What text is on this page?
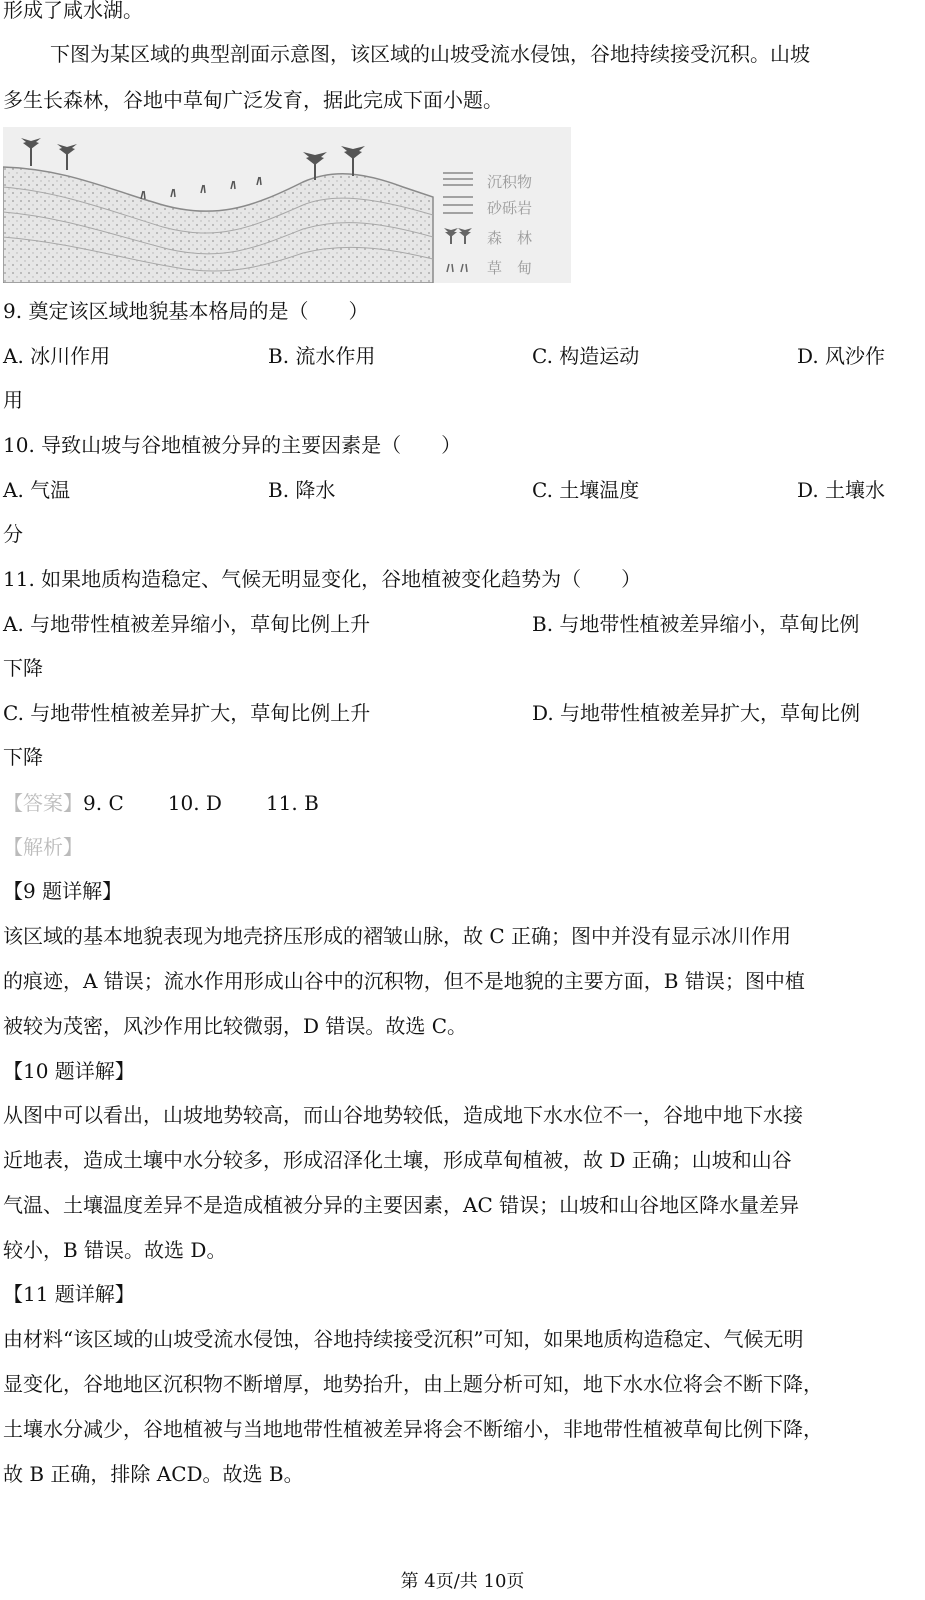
形成了咸水湖。
下图为某区域的典型剖面示意图，该区域的山坡受流水侵蚀，谷地持续接受沉积。山坡
多生长森林，谷地中草甸广泛发育，据此完成下面小题。
沉积物
砂砾岩
森　林
草　甸
9. 奠定该区域地貌基本格局的是（　　）
A. 冰川作用	B. 流水作用	C. 构造运动	D. 风沙作
用
10. 导致山坡与谷地植被分异的主要因素是（　　）
A. 气温	B. 降水	C. 土壤温度	D. 土壤水
分
11. 如果地质构造稳定、气候无明显变化，谷地植被变化趋势为（　　）
A. 与地带性植被差异缩小，草甸比例上升	B. 与地带性植被差异缩小，草甸比例
下降
C. 与地带性植被差异扩大，草甸比例上升	D. 与地带性植被差异扩大，草甸比例
下降
【答案】9. C 10. D 11. B
【解析】
【9 题详解】
该区域的基本地貌表现为地壳挤压形成的褶皱山脉，故 C 正确；图中并没有显示冰川作用
的痕迹，A 错误；流水作用形成山谷中的沉积物，但不是地貌的主要方面，B 错误；图中植
被较为茂密，风沙作用比较微弱，D 错误。故选 C。
【10 题详解】
从图中可以看出，山坡地势较高，而山谷地势较低，造成地下水水位不一，谷地中地下水接
近地表，造成土壤中水分较多，形成沼泽化土壤，形成草甸植被，故 D 正确；山坡和山谷
气温、土壤温度差异不是造成植被分异的主要因素，AC 错误；山坡和山谷地区降水量差异
较小，B 错误。故选 D。
【11 题详解】
由材料“该区域的山坡受流水侵蚀，谷地持续接受沉积”可知，如果地质构造稳定、气候无明
显变化，谷地地区沉积物不断增厚，地势抬升，由上题分析可知，地下水水位将会不断下降，
土壤水分减少，谷地植被与当地地带性植被差异将会不断缩小，非地带性植被草甸比例下降，
故 B 正确，排除 ACD。故选 B。
第 4页/共 10页
